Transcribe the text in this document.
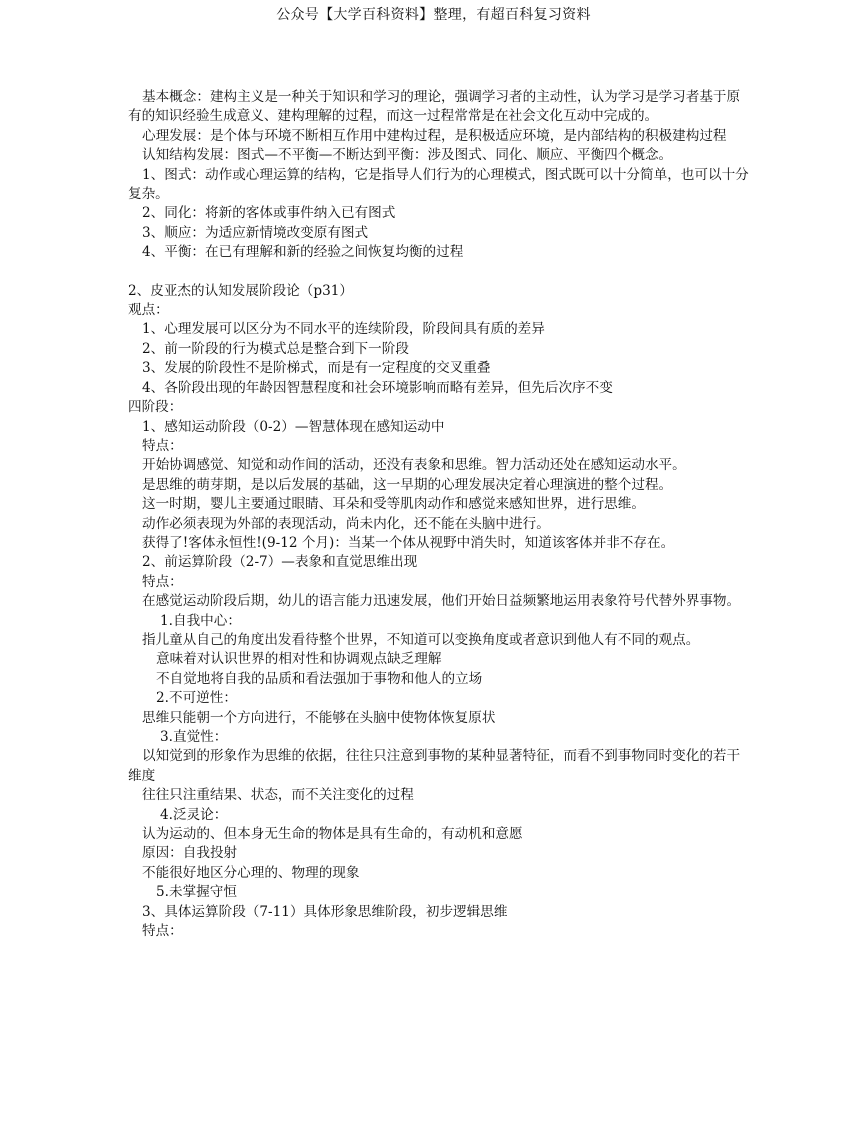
公众号【大学百科资料】整理，有超百科复习资料

基本概念：建构主义是一种关于知识和学习的理论，强调学习者的主动性，认为学习是学习者基于原有的知识经验生成意义、建构理解的过程，而这一过程常常是在社会文化互动中完成的。

心理发展：是个体与环境不断相互作用中建构过程，是积极适应环境，是内部结构的积极建构过程

认知结构发展：图式—不平衡—不断达到平衡：涉及图式、同化、顺应、平衡四个概念。

1、图式：动作或心理运算的结构，它是指导人们行为的心理模式，图式既可以十分简单，也可以十分复杂。

2、同化：将新的客体或事件纳入已有图式

3、顺应：为适应新情境改变原有图式

4、平衡：在已有理解和新的经验之间恢复均衡的过程

2、皮亚杰的认知发展阶段论（p31）

观点：

1、心理发展可以区分为不同水平的连续阶段，阶段间具有质的差异

2、前一阶段的行为模式总是整合到下一阶段

3、发展的阶段性不是阶梯式，而是有一定程度的交叉重叠

4、各阶段出现的年龄因智慧程度和社会环境影响而略有差异，但先后次序不变

四阶段：

1、感知运动阶段（0-2）—智慧体现在感知运动中

特点：

开始协调感觉、知觉和动作间的活动，还没有表象和思维。智力活动还处在感知运动水平。

是思维的萌芽期，是以后发展的基础，这一早期的心理发展决定着心理演进的整个过程。

这一时期，婴儿主要通过眼睛、耳朵和受等肌肉动作和感觉来感知世界，进行思维。

动作必须表现为外部的表现活动，尚未内化，还不能在头脑中进行。

获得了!客体永恒性!(9-12 个月)：当某一个体从视野中消失时，知道该客体并非不存在。

2、前运算阶段（2-7）—表象和直觉思维出现

特点：

在感觉运动阶段后期，幼儿的语言能力迅速发展，他们开始日益频繁地运用表象符号代替外界事物。

1.自我中心：

指儿童从自己的角度出发看待整个世界，不知道可以变换角度或者意识到他人有不同的观点。

意味着对认识世界的相对性和协调观点缺乏理解

不自觉地将自我的品质和看法强加于事物和他人的立场

2.不可逆性：

思维只能朝一个方向进行，不能够在头脑中使物体恢复原状

3.直觉性：

以知觉到的形象作为思维的依据，往往只注意到事物的某种显著特征，而看不到事物同时变化的若干维度

往往只注重结果、状态，而不关注变化的过程

4.泛灵论：

认为运动的、但本身无生命的物体是具有生命的，有动机和意愿

原因：自我投射

不能很好地区分心理的、物理的现象

5.未掌握守恒

3、具体运算阶段（7-11）具体形象思维阶段，初步逻辑思维

特点：
